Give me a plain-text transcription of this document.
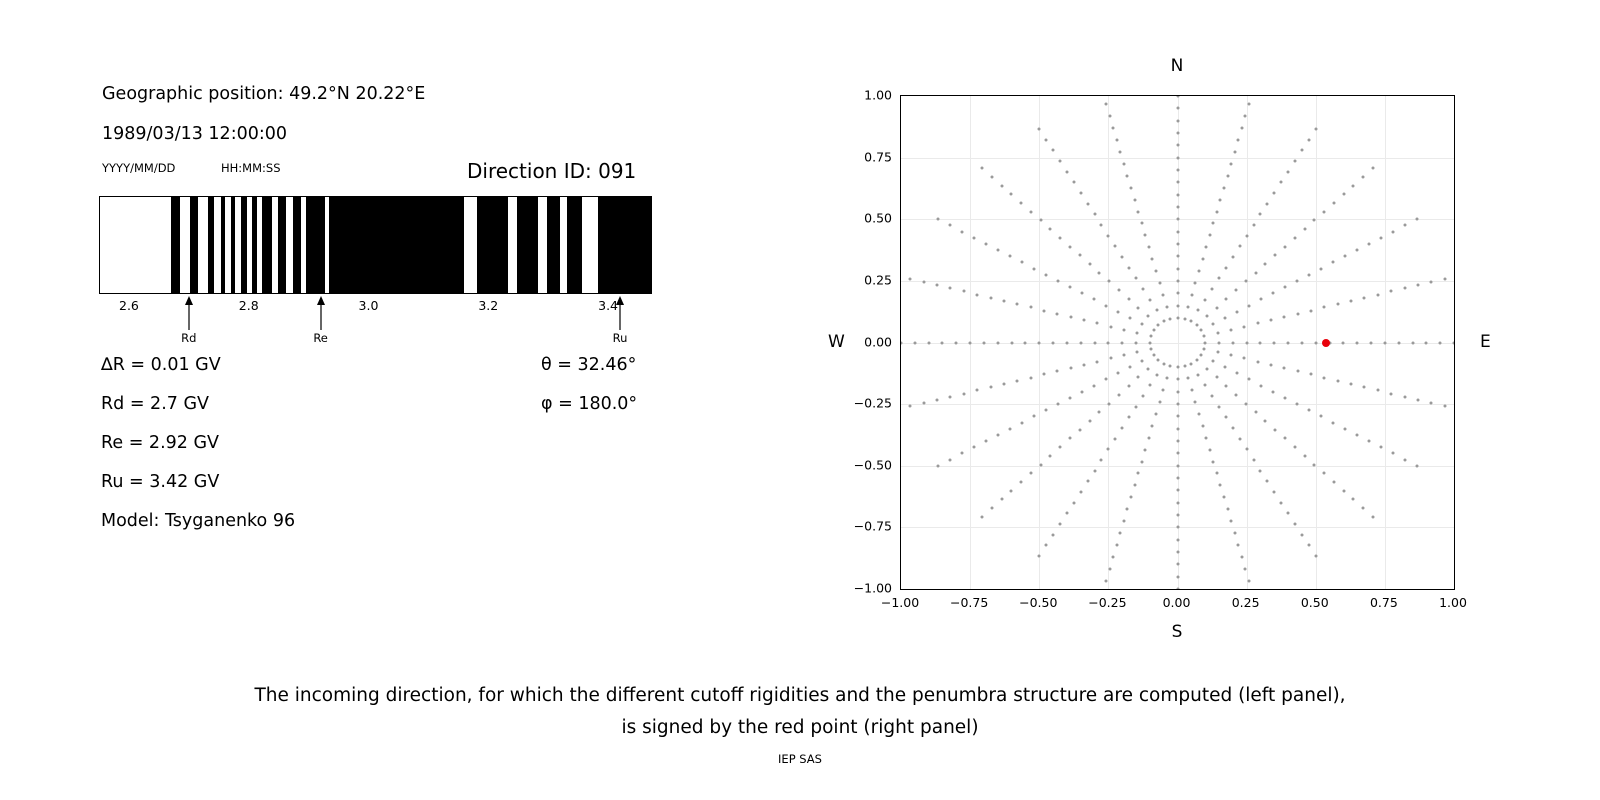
Geographic position: 49.2°N 20.22°E
1989/03/13 12:00:00
YYYY/MM/DD	HH:MM:SS	Direction ID: 091
2.6	2.8	3.0	3.2	3.4
∆R = 0.01 GV
Rd = 2.7 GV
Re = 2.92 GV
Ru = 3.42 GV
Model: Tsyganenko 96
θ = 32.46°
φ = 180.0°
Rd	Re	Ru
N
S
W	E
−1.00 −0.75 −0.50 −0.25	0.00	0.25	0.50	0.75	1.00
−1.00
−0.75
−0.50
−0.25
0.00
0.25
0.50
0.75
1.00
The incoming direction, for which the different cutoff rigidities and the penumbra structure are computed (left panel),
is signed by the red point (right panel)
IEP SAS
